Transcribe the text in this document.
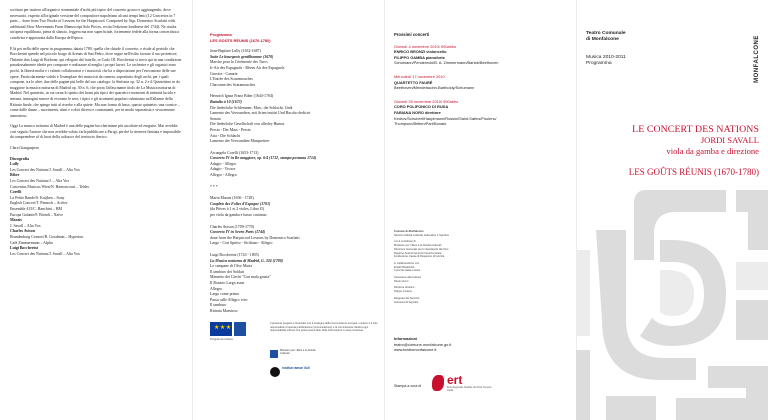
scrittura per tastiera all'organico strumentale d'archi più tipico del concerto grosso e aggiungendo, dove necessario, rispetto all'originale versione del compositore napoletano alcuni tempi lenti (12 Concertos in 7 parts… done from Two Books of Lessons for the Harpsicord. Composed by Sigr. Domenico Scarlatti with additional Slow Movements From Manuscript Solo Pieces, recita l'edizione londinese del 1744). Ne risulta un'opera equilibrata, piena di slancio, leggera ma non superficiale, fortemente fedele alla forma concertistica condivisa e apprezzata dalla Europa dell'epoca.

E là poi nella delle opere in programma, datata 1780, quella che chiude il concerto, e risale al periodo che Boccherini spende nel piccolo borgo di Arenas di San Pedro, dove segue nell'esilio forzato il suo protettore, l'Infante don Luigi di Borbone, qui relegato dal fratello, re Carlo III. Boccherini si trova qui in una condizione paradossalmente ideale per comporre e realizzare al meglio i propri lavori. Le orchestre e gli organici sono pochi, la libertà molta e i valenti collaboratori e i musicisti che ha a disposizione per l'esecuzione delle sue opere. Particolarmente valido è l'esemplare dei musicisti da camera, soprattutto degli archi, per i quali compone, tra le altre, due delle pagine più belle del suo catalogo: la Sinfonia op. 32 n. 2 e il Quintettino in do maggiore la musica notturna di Madrid op. 30 n. 6, che porta l'affascinante titolo de La Musica notturna di Madrid. Nel quintetto, in cui torna lo spirito dei brani più tipici dei quartetti e momenti di intimità lucida e intensa, immagini sonore di evocano le sere, i tipici e gli strumenti popolari culminano nell'allarme della Ritirata finale, che spinge tutti al riserbo e alla quiete. Ma non forma di lusso, questo quintetto: una cornice – come dalle danze – movimenti, ritmi e colori diversi e contrastanti, per in modo separatista e vivacemente armonioso.

Oggi La musica notturna di Madrid è una delle pagine boccheriniane più ascoltate ed eseguite. Mai avrebbe così seguito l'autore che non avrebbe voluto farla pubblicare a Parigi, perché la riteneva limitata e impossibile da comprendere al di fuori della cultura e del territorio iberico.

Clara Giangaspero

Discografia
Lully
Les Concert des Nations/J. Savall – Alia Vox
Biber
Les Concert des Nations/J. – Alia Vox
Concentus Musicus Wien/N. Harnoncourt – Teldec
Corelli
La Petite Bande/S. Kuijken – Sony
English Concert/T. Pinnock – Archiv
Ensemble 415/C. Banchini – HM
Europa Galante/F. Biondi – Naïve
Marais
J. Savall – Alia Vox
Charles Avison
Brandenburg Consort/R. Goodman – Hyperion
Café Zimmermann – Alpha
Luigi Boccherini
Les Concert des Nations/J. Savall – Alia Vox
Programma
LES GOÛTS RÉUNIS (1670-1780)
Jean-Baptiste Lully (1632-1687)
Suite Le bourgeois gentilhomme (1670)
Marche pour la Cérémonie des Turcs
Ir-Aïr des Espagnols - Rêveu Air des Espagnols
Gavotte - Canarie
L'Entrée des Scaramouches
Chaconne des Scaramouches
Heinrich Ignaz Franz Biber (1644-1704)
Battalia à 10 (1673)
Die liederliche Schlemmer, Marc, die Schlacht, Undt
Lamento des Verwundten, mit Arien imitirt Und Baccho dedicirt
Sonata
Die liederliche Gesellschaft von allerley Humor
Presto - Der Mars - Presto
Aria - Die Schlacht
Lamento der Verwundten Musquetirer
Arcangelo Corelli (1653-1713)
Concerto IV in Re maggiore, op. 6/4 (1712, stampa postuma 1714)
Adagio - Allegro
Adagio - Vivace
Allegro - Allegro
* * *
Marin Marais (1656 - 1728)
Couplets des Folies d'Espagne (1701)
(da Pièces à 1 et 2 violes, Libro II)
per viola da gamba e basso continuo
Charles Avison (1709-1770)
Concerto IV in Seven Parts (1744)
done from the Harpsicord Lessons by Domenico Scarlatti
Largo - Con Spirito - Siciliano - Allegro
Luigi Boccherini (1743 - 1805)
La Musica notturna di Madrid, G. 324 (1780)
Le campane di l'Ave Maria
Il tamburo dei Soldati
Minuetto dei Ciechi "Con mala grazia"
Il Rosario Largo assai
Allegro
Largo come prima
Passa calle Allegro vivo
Il tamburo
Ritirata Maestoso
★★★
Il presente progetto è finanziato con il sostegno della Commissione europea. L'autore è il solo responsabile di questa pubblicazione (comunicazione) e la Commissione declina ogni responsabilità sull'uso che potrà essere fatto delle informazioni in essa contenute.
Programma Cultura
Ministero per i Beni e le Attività Culturali
institut ramon llull
Prossimi concerti
Giovedì 4 novembre 2010/ 900abbo
ENRICO BRONZI violoncello
FILIPPO GAMBA pianoforte
Schumann/Penderecki/B. A. Zimmermann/Bartók/Beethoven
Mercoledì 17 novembre 2010
QUARTETTO FAURÉ
Beethoven/Mendelssohn-Bartholdy/Schumann
Giovedì 25 novembre 2010/ 900abbo
CORO POLIFONICO DI RUDA
FABIANA NORO direttore
Kedrov/Schubert/Hauptmann/Rossini/Saint-Saëns/Poulenc/
Thompson/Britten/Part/Bonato
Comune di Monfalcone
Servizio Attività Culturali, Educative e Sportive
con il contributo di
Ministero per i Beni e le Attività Culturali
Direzione Generale per lo Spettacolo dal Vivo
Regione Autonoma Friuli Venezia Giulia
Fondazione Cassa di Risparmio di Gorizia
in collaborazione con
Erstal Plastichirik
Il piccolo della musica
Assessore alla Cultura
Paolo Venni
Direttore artistico
Filippo Juvarra
Dirigente del Servizio
Giovanna D'Agostini
Informazioni
teatro@comune.monfalcone.go.it
www.teatromonfalcone.it
Stampa a cura di ert
Ente Regionale Teatrale del Friuli Venezia Giulia
Teatro Comunale
di Monfalcone
Musica 2010-2011
Programma	MONFALCONE
LE CONCERT DES NATIONS
JORDI SAVALL
viola da gamba e direzione
LES GOÛTS RÉUNIS (1670-1780)
